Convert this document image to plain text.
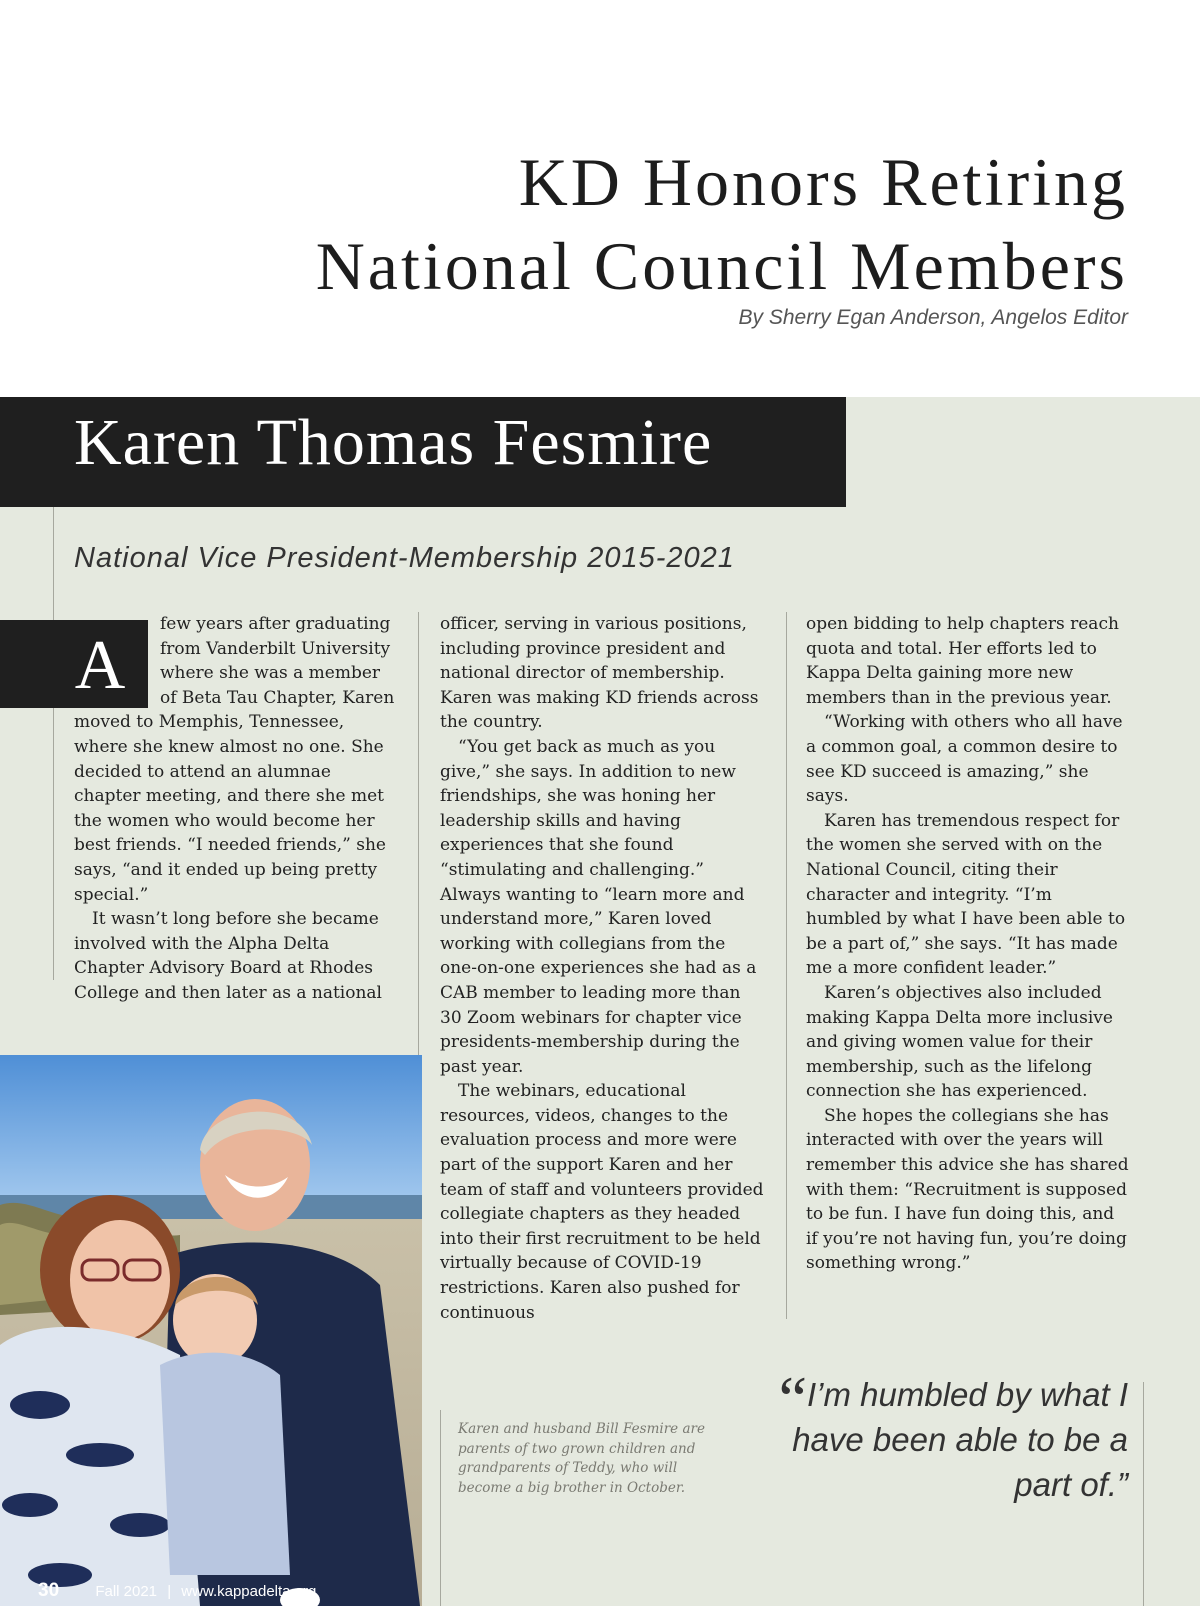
KD Honors Retiring
National Council Members
By Sherry Egan Anderson, Angelos Editor
Karen Thomas Fesmire
National Vice President-Membership 2015-2021
A

few years after graduating from Vanderbilt University where she was a member of Beta Tau Chapter, Karen moved to Memphis, Tennessee, where she knew almost no one. She decided to attend an alumnae chapter meeting, and there she met the women who would become her best friends. “I needed friends,” she says, “and it ended up being pretty special.”

It wasn’t long before she became involved with the Alpha Delta Chapter Advisory Board at Rhodes College and then later as a national

officer, serving in various positions, including province president and national director of membership. Karen was making KD friends across the country.

“You get back as much as you give,” she says. In addition to new friendships, she was honing her leadership skills and having experiences that she found “stimulating and challenging.” Always wanting to “learn more and understand more,” Karen loved working with collegians from the one-on-one experiences she had as a CAB member to leading more than 30 Zoom webinars for chapter vice presidents-membership during the past year.

The webinars, educational resources, videos, changes to the evaluation process and more were part of the support Karen and her team of staff and volunteers provided collegiate chapters as they headed into their first recruitment to be held virtually because of COVID-19 restrictions. Karen also pushed for continuous

open bidding to help chapters reach quota and total. Her efforts led to Kappa Delta gaining more new members than in the previous year.

“Working with others who all have a common goal, a common desire to see KD succeed is amazing,” she says.

Karen has tremendous respect for the women she served with on the National Council, citing their character and integrity. “I’m humbled by what I have been able to be a part of,” she says. “It has made me a more confident leader.”

Karen’s objectives also included making Kappa Delta more inclusive and giving women value for their membership, such as the lifelong connection she has experienced.

She hopes the collegians she has interacted with over the years will remember this advice she has shared with them: “Recruitment is supposed to be fun. I have fun doing this, and if you’re not having fun, you’re doing something wrong.”

Karen and husband Bill Fesmire are parents of two grown children and grandparents of Teddy, who will become a big brother in October.
“ I’m humbled by what I have been able to be a part of.”
30 Fall 2021 | www.kappadelta.org
